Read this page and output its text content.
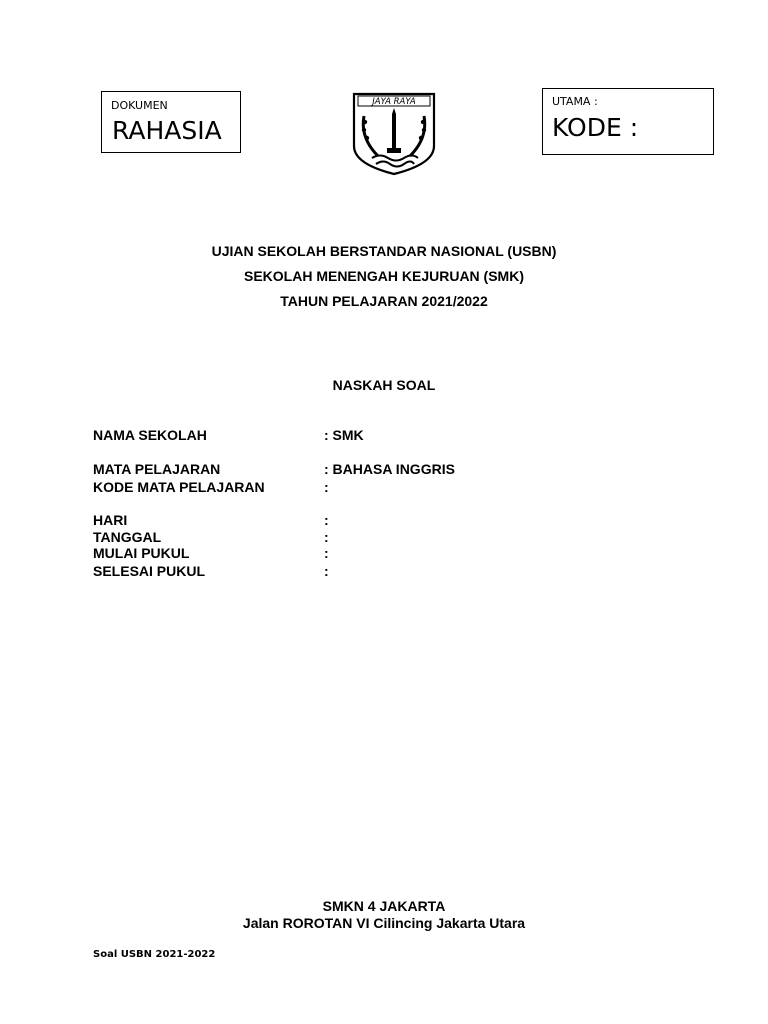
DOKUMEN
RAHASIA
JAYA RAYA	UTAMA :
KODE :
UJIAN SEKOLAH BERSTANDAR NASIONAL (USBN)
SEKOLAH MENENGAH KEJURUAN (SMK)
TAHUN PELAJARAN 2021/2022
NASKAH SOAL
NAMA SEKOLAH	: SMK
MATA PELAJARAN	: BAHASA INGGRIS
KODE MATA PELAJARAN	:
HARI	:
TANGGAL	:
MULAI PUKUL	:
SELESAI PUKUL	:
SMKN 4 JAKARTA
Jalan ROROTAN VI Cilincing Jakarta Utara
Soal USBN 2021-2022
